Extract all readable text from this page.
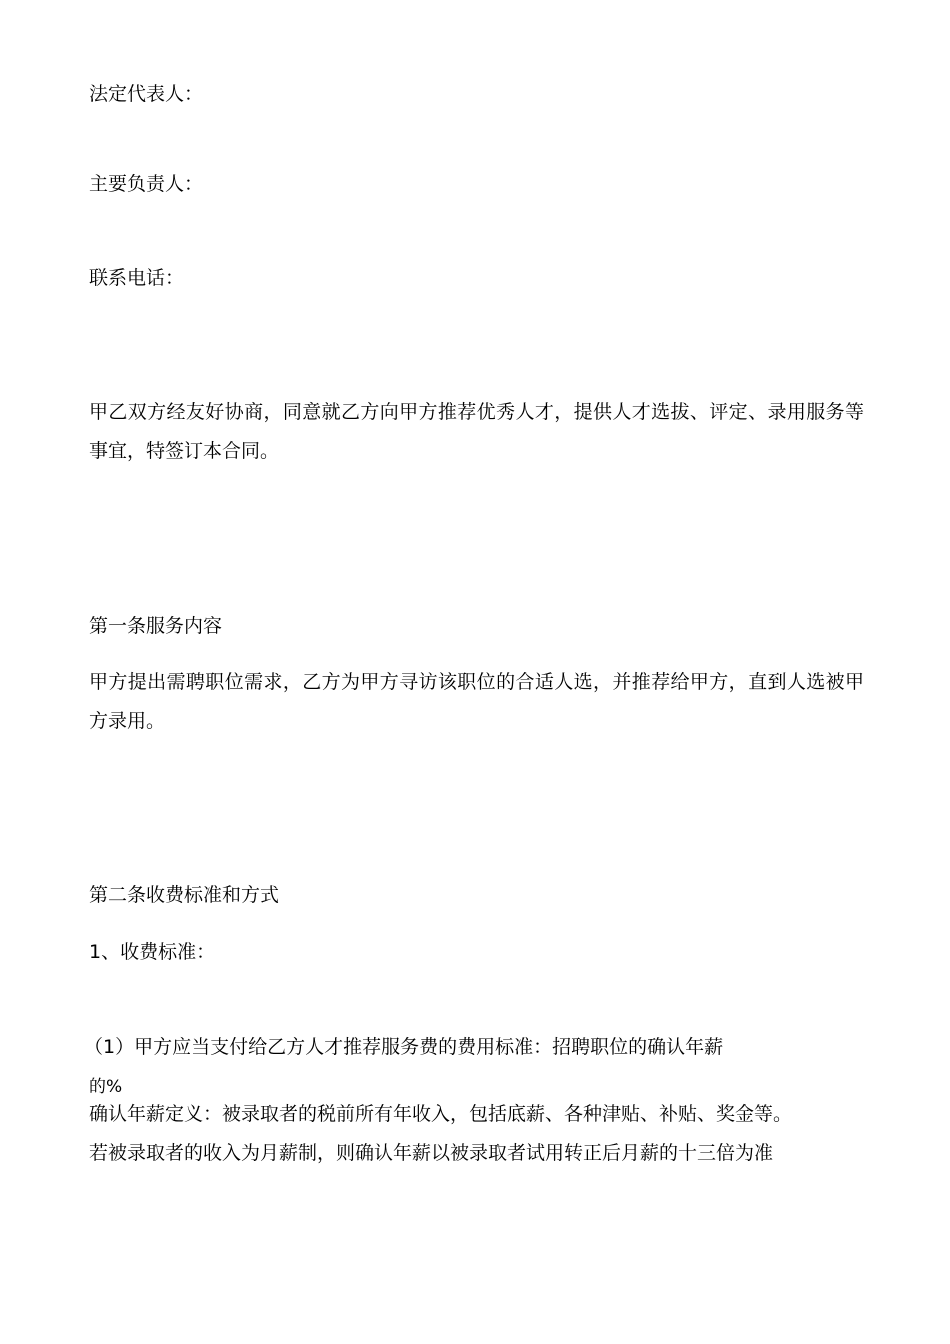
法定代表人：

主要负责人：

联系电话：

甲乙双方经友好协商，同意就乙方向甲方推荐优秀人才，提供人才选拔、评定、录用服务等事宜，特签订本合同。

第一条服务内容

甲方提出需聘职位需求，乙方为甲方寻访该职位的合适人选，并推荐给甲方，直到人选被甲方录用。

第二条收费标准和方式

1、收费标准：

（1）甲方应当支付给乙方人才推荐服务费的费用标准：招聘职位的确认年薪

的%

确认年薪定义：被录取者的税前所有年收入，包括底薪、各种津贴、补贴、奖金等。

若被录取者的收入为月薪制，则确认年薪以被录取者试用转正后月薪的十三倍为准
